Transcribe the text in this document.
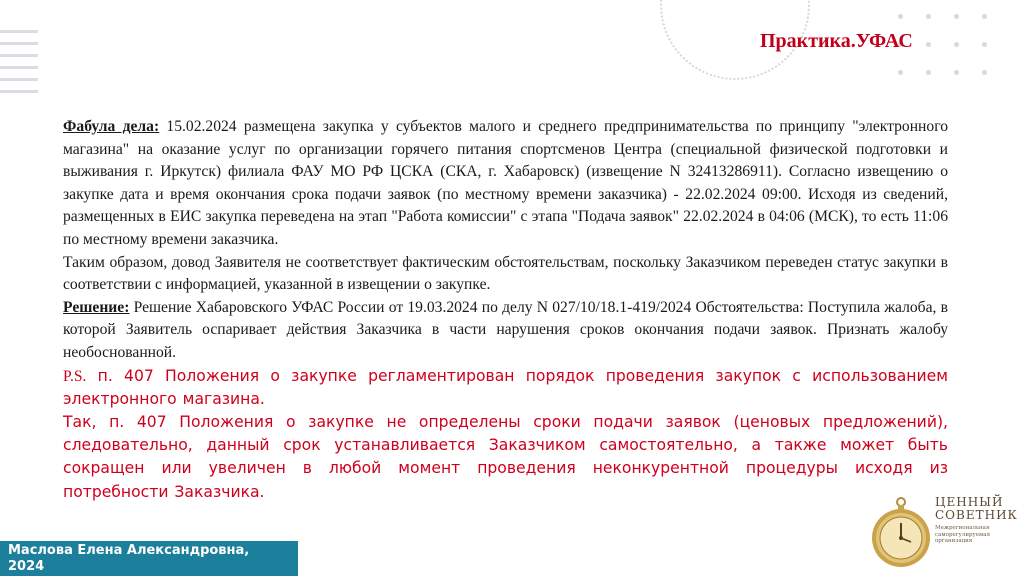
Практика.УФАС

Фабула дела: 15.02.2024 размещена закупка у субъектов малого и среднего предпринимательства по принципу "электронного магазина" на оказание услуг по организации горячего питания спортсменов Центра (специальной физической подготовки и выживания г. Иркутск) филиала ФАУ МО РФ ЦСКА (СКА, г. Хабаровск) (извещение N 32413286911). Согласно извещению о закупке дата и время окончания срока подачи заявок (по местному времени заказчика) - 22.02.2024 09:00. Исходя из сведений, размещенных в ЕИС закупка переведена на этап "Работа комиссии" с этапа "Подача заявок" 22.02.2024 в 04:06 (МСК), то есть 11:06 по местному времени заказчика.

Таким образом, довод Заявителя не соответствует фактическим обстоятельствам, поскольку Заказчиком переведен статус закупки в соответствии с информацией, указанной в извещении о закупке.

Решение: Решение Хабаровского УФАС России от 19.03.2024 по делу N 027/10/18.1-419/2024 Обстоятельства: Поступила жалоба, в которой Заявитель оспаривает действия Заказчика в части нарушения сроков окончания подачи заявок. Признать жалобу необоснованной.

P.S. п. 407 Положения о закупке регламентирован порядок проведения закупок с использованием электронного магазина.

Так, п. 407 Положения о закупке не определены сроки подачи заявок (ценовых предложений), следовательно, данный срок устанавливается Заказчиком самостоятельно, а также может быть сокращен или увеличен в любой момент проведения неконкурентной процедуры исходя из потребности Заказчика.

Маслова Елена Александровна,
2024
ЦЕННЫЙ
СОВЕТНИК
Межрегиональная саморегулируемая организация
